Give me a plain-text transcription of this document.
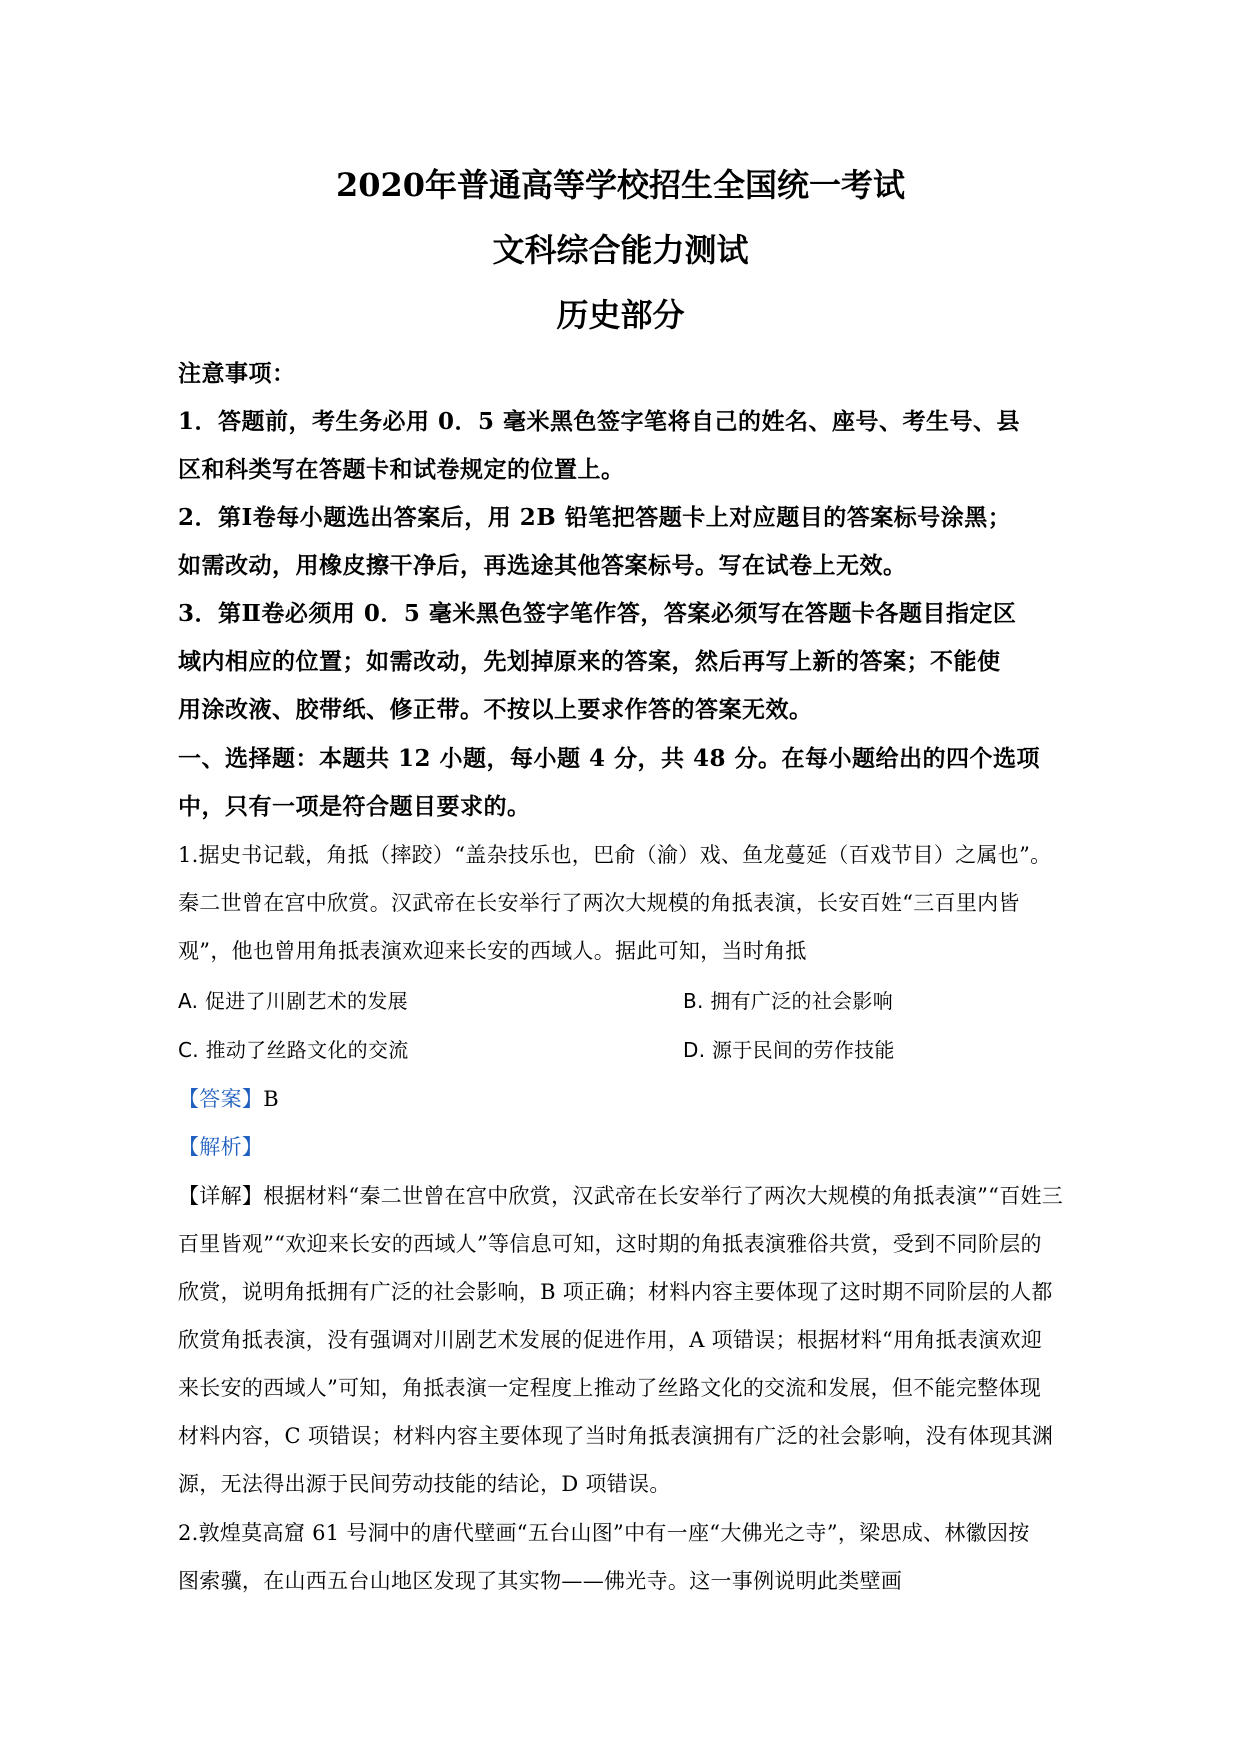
2020年普通高等学校招生全国统一考试
文科综合能力测试
历史部分
注意事项：
1．答题前，考生务必用 0．5 毫米黑色签字笔将自己的姓名、座号、考生号、县
区和科类写在答题卡和试卷规定的位置上。
2．第Ⅰ卷每小题选出答案后，用 2B 铅笔把答题卡上对应题目的答案标号涂黑；
如需改动，用橡皮擦干净后，再选途其他答案标号。写在试卷上无效。
3．第Ⅱ卷必须用 0．5 毫米黑色签字笔作答，答案必须写在答题卡各题目指定区
域内相应的位置；如需改动，先划掉原来的答案，然后再写上新的答案；不能使
用涂改液、胶带纸、修正带。不按以上要求作答的答案无效。
一、选择题：本题共 12 小题，每小题 4 分，共 48 分。在每小题给出的四个选项
中，只有一项是符合题目要求的。
1.据史书记载，角抵（摔跤）“盖杂技乐也，巴俞（渝）戏、鱼龙蔓延（百戏节目）之属也”。
秦二世曾在宫中欣赏。汉武帝在长安举行了两次大规模的角抵表演，长安百姓“三百里内皆
观”，他也曾用角抵表演欢迎来长安的西域人。据此可知，当时角抵
A. 促进了川剧艺术的发展	B. 拥有广泛的社会影响
C. 推动了丝路文化的交流	D. 源于民间的劳作技能
【答案】B
【解析】
【详解】根据材料“秦二世曾在宫中欣赏，汉武帝在长安举行了两次大规模的角抵表演”“百姓三
百里皆观”“欢迎来长安的西域人”等信息可知，这时期的角抵表演雅俗共赏，受到不同阶层的
欣赏，说明角抵拥有广泛的社会影响，B 项正确；材料内容主要体现了这时期不同阶层的人都
欣赏角抵表演，没有强调对川剧艺术发展的促进作用，A 项错误；根据材料“用角抵表演欢迎
来长安的西域人”可知，角抵表演一定程度上推动了丝路文化的交流和发展，但不能完整体现
材料内容，C 项错误；材料内容主要体现了当时角抵表演拥有广泛的社会影响，没有体现其渊
源，无法得出源于民间劳动技能的结论，D 项错误。
2.敦煌莫高窟 61 号洞中的唐代壁画“五台山图”中有一座“大佛光之寺”，梁思成、林徽因按
图索骥，在山西五台山地区发现了其实物——佛光寺。这一事例说明此类壁画
